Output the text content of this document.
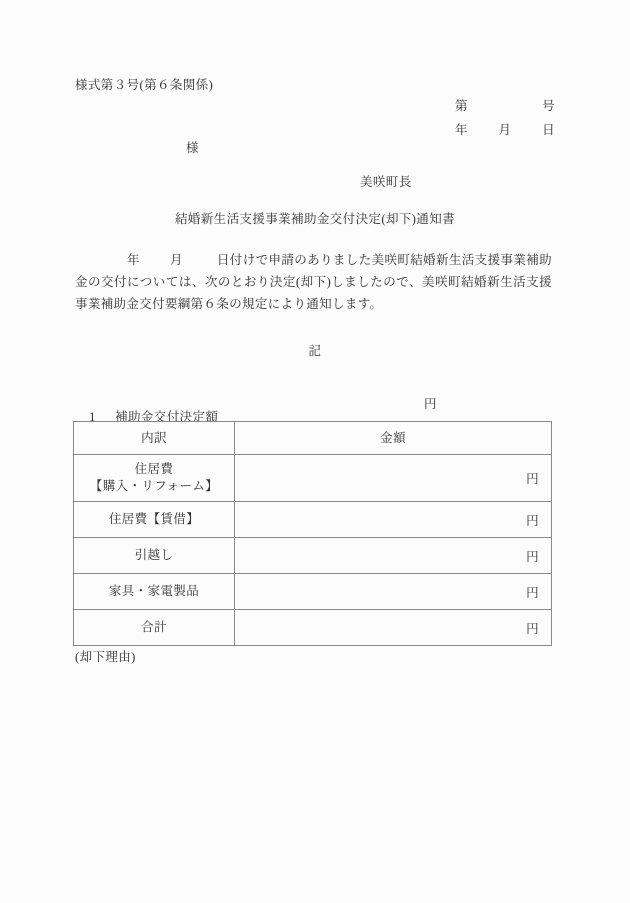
様式第３号(第６条関係)
第	号
年 月 日
様
美咲町長
結婚新生活支援事業補助金交付決定(却下)通知書
年 月	日付けで申請のありました美咲町結婚新生活支援事業補助金の交付については、次のとおり決定(却下)しましたので、美咲町結婚新生活支援事業補助金交付要綱第６条の規定により通知します。
記

1 補助金交付決定額

円

内訳	金額

住居費
【購入・リフォーム】	円
住居費【賃借】	円
引越し	円
家具・家電製品	円
合計	円
(却下理由)
